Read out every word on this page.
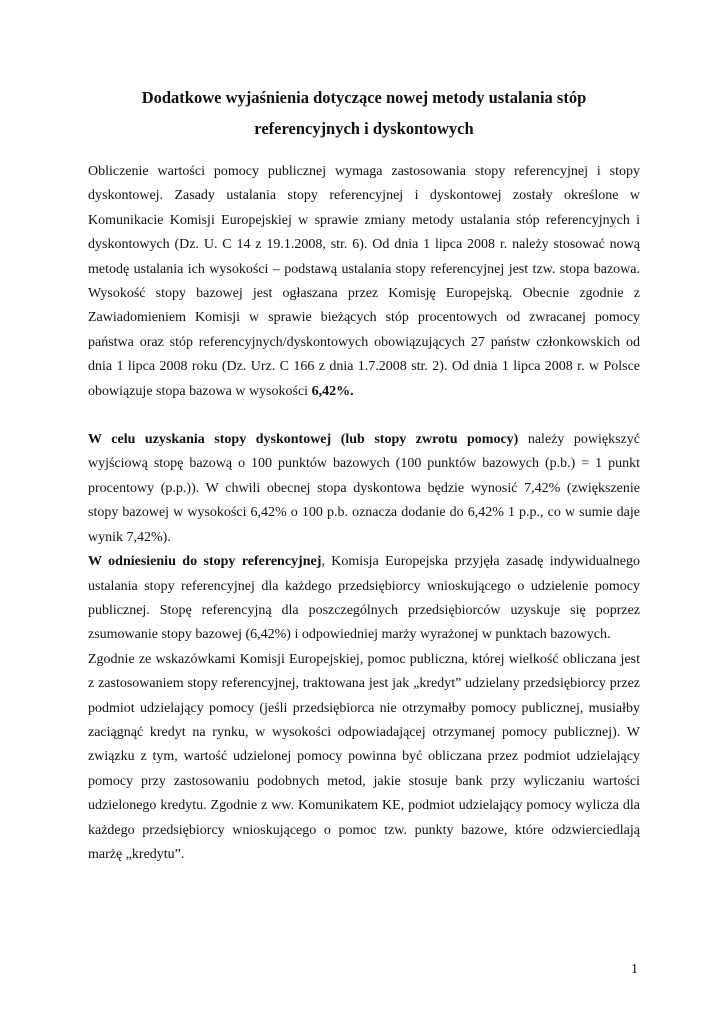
Dodatkowe wyjaśnienia dotyczące nowej metody ustalania stóp
referencyjnych i dyskontowych

Obliczenie wartości pomocy publicznej wymaga zastosowania stopy referencyjnej i stopy dyskontowej. Zasady ustalania stopy referencyjnej i dyskontowej zostały określone w Komunikacie Komisji Europejskiej w sprawie zmiany metody ustalania stóp referencyjnych i dyskontowych (Dz. U. C 14 z 19.1.2008, str. 6). Od dnia 1 lipca 2008 r. należy stosować nową metodę ustalania ich wysokości – podstawą ustalania stopy referencyjnej jest tzw. stopa bazowa. Wysokość stopy bazowej jest ogłaszana przez Komisję Europejską. Obecnie zgodnie z Zawiadomieniem Komisji w sprawie bieżących stóp procentowych od zwracanej pomocy państwa oraz stóp referencyjnych/dyskontowych obowiązujących 27 państw członkowskich od dnia 1 lipca 2008 roku (Dz. Urz. C 166 z dnia 1.7.2008 str. 2). Od dnia 1 lipca 2008 r. w Polsce obowiązuje stopa bazowa w wysokości 6,42%.

W celu uzyskania stopy dyskontowej (lub stopy zwrotu pomocy) należy powiększyć wyjściową stopę bazową o 100 punktów bazowych (100 punktów bazowych (p.b.) = 1 punkt procentowy (p.p.)). W chwili obecnej stopa dyskontowa będzie wynosić 7,42% (zwiększenie stopy bazowej w wysokości 6,42% o 100 p.b. oznacza dodanie do 6,42% 1 p.p., co w sumie daje wynik 7,42%).

W odniesieniu do stopy referencyjnej, Komisja Europejska przyjęła zasadę indywidualnego ustalania stopy referencyjnej dla każdego przedsiębiorcy wnioskującego o udzielenie pomocy publicznej. Stopę referencyjną dla poszczególnych przedsiębiorców uzyskuje się poprzez zsumowanie stopy bazowej (6,42%) i odpowiedniej marży wyrażonej w punktach bazowych.

Zgodnie ze wskazówkami Komisji Europejskiej, pomoc publiczna, której wielkość obliczana jest z zastosowaniem stopy referencyjnej, traktowana jest jak „kredyt” udzielany przedsiębiorcy przez podmiot udzielający pomocy (jeśli przedsiębiorca nie otrzymałby pomocy publicznej, musiałby zaciągnąć kredyt na rynku, w wysokości odpowiadającej otrzymanej pomocy publicznej). W związku z tym, wartość udzielonej pomocy powinna być obliczana przez podmiot udzielający pomocy przy zastosowaniu podobnych metod, jakie stosuje bank przy wyliczaniu wartości udzielonego kredytu. Zgodnie z ww. Komunikatem KE, podmiot udzielający pomocy wylicza dla każdego przedsiębiorcy wnioskującego o pomoc tzw. punkty bazowe, które odzwierciedlają marżę „kredytu”.

1
